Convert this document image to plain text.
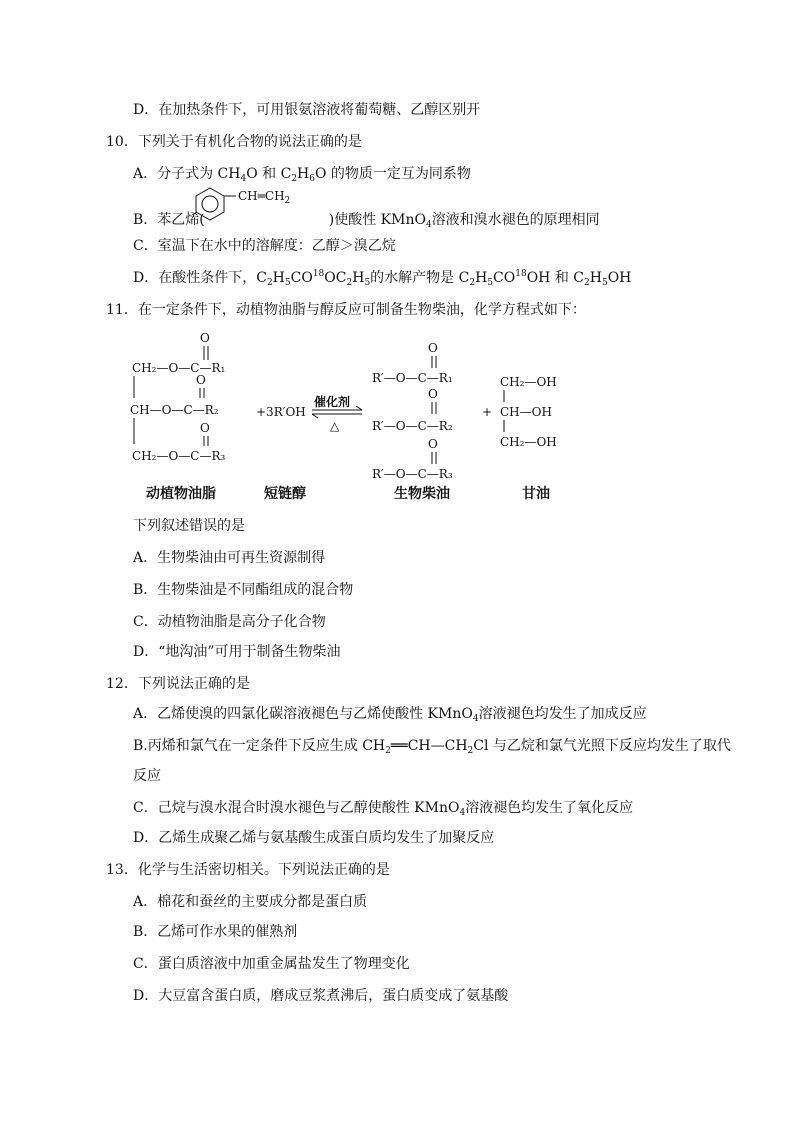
D．在加热条件下，可用银氨溶液将葡萄糖、乙醇区别开
10．下列关于有机化合物的说法正确的是
A．分子式为 $CH_4O$ 和 $C_2H_6O$ 的物质一定互为同系物
B．苯乙烯(	)使酸性 KMnO$_4$溶液和溴水褪色的原理相同
$CH═CH_2$
C．室温下在水中的溶解度：乙醇＞溴乙烷
D．在酸性条件下，$C_2H_5CO^{18}OC_2H_5$的水解产物是 $C_2H_5CO^{18}OH$ 和 $C_2H_5OH$
11．在一定条件下，动植物油脂与醇反应可制备生物柴油，化学方程式如下：
O
CH₂—O—C—R₁
O
CH—O—C—R₂
O
CH₂—O—C—R₃
+3R′OH
催化剂
△
O
R′—O—C—R₁
O
R′—O—C—R₂
O
R′—O—C—R₃
+
CH₂—OH
CH—OH
CH₂—OH
动植物油脂	短链醇	生物柴油	甘油
下列叙述错误的是
A．生物柴油由可再生资源制得
B．生物柴油是不同酯组成的混合物
C．动植物油脂是高分子化合物
D．“地沟油”可用于制备生物柴油
12．下列说法正确的是
A．乙烯使溴的四氯化碳溶液褪色与乙烯使酸性 KMnO$_4$溶液褪色均发生了加成反应
B.丙烯和氯气在一定条件下反应生成 $CH_2══CH—CH_2Cl$ 与乙烷和氯气光照下反应均发生了取代
反应
C．己烷与溴水混合时溴水褪色与乙醇使酸性 KMnO$_4$溶液褪色均发生了氧化反应
D．乙烯生成聚乙烯与氨基酸生成蛋白质均发生了加聚反应
13．化学与生活密切相关。下列说法正确的是
A．棉花和蚕丝的主要成分都是蛋白质
B．乙烯可作水果的催熟剂
C．蛋白质溶液中加重金属盐发生了物理变化
D．大豆富含蛋白质，磨成豆浆煮沸后，蛋白质变成了氨基酸
